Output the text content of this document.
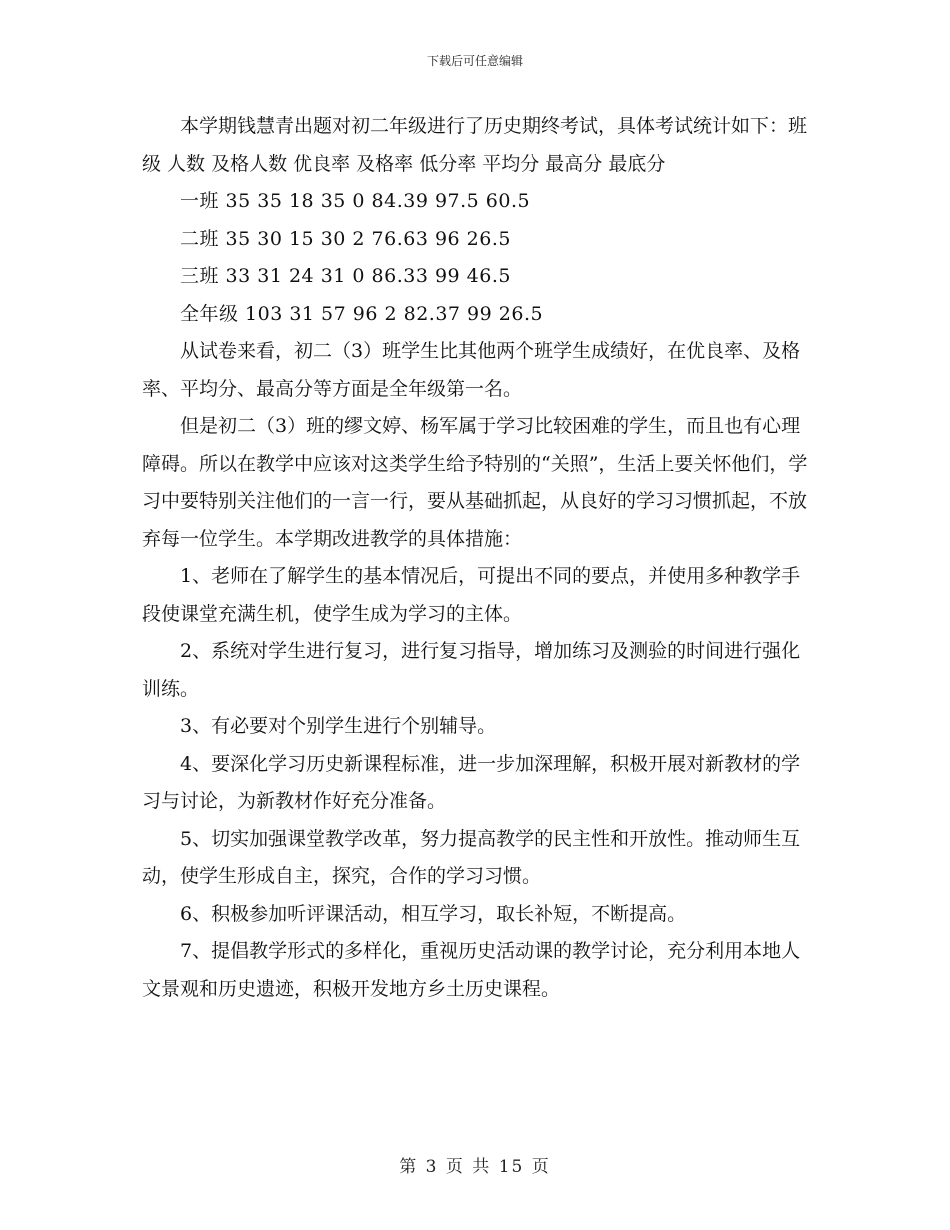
下载后可任意编辑

本学期钱慧青出题对初二年级进行了历史期终考试，具体考试统计如下：班级 人数 及格人数 优良率 及格率 低分率 平均分 最高分 最底分

一班 35 35 18 35 0 84.39 97.5 60.5

二班 35 30 15 30 2 76.63 96 26.5

三班 33 31 24 31 0 86.33 99 46.5

全年级 103 31 57 96 2 82.37 99 26.5

从试卷来看，初二（3）班学生比其他两个班学生成绩好，在优良率、及格率、平均分、最高分等方面是全年级第一名。

但是初二（3）班的缪文婷、杨军属于学习比较困难的学生，而且也有心理障碍。所以在教学中应该对这类学生给予特别的“关照”，生活上要关怀他们，学习中要特别关注他们的一言一行，要从基础抓起，从良好的学习习惯抓起，不放弃每一位学生。本学期改进教学的具体措施：

1、老师在了解学生的基本情况后，可提出不同的要点，并使用多种教学手段使课堂充满生机，使学生成为学习的主体。

2、系统对学生进行复习，进行复习指导，增加练习及测验的时间进行强化训练。

3、有必要对个别学生进行个别辅导。

4、要深化学习历史新课程标准，进一步加深理解，积极开展对新教材的学习与讨论，为新教材作好充分准备。

5、切实加强课堂教学改革，努力提高教学的民主性和开放性。推动师生互动，使学生形成自主，探究，合作的学习习惯。

6、积极参加听评课活动，相互学习，取长补短，不断提高。

7、提倡教学形式的多样化，重视历史活动课的教学讨论，充分利用本地人文景观和历史遗迹，积极开发地方乡土历史课程。

第 3 页 共 15 页
